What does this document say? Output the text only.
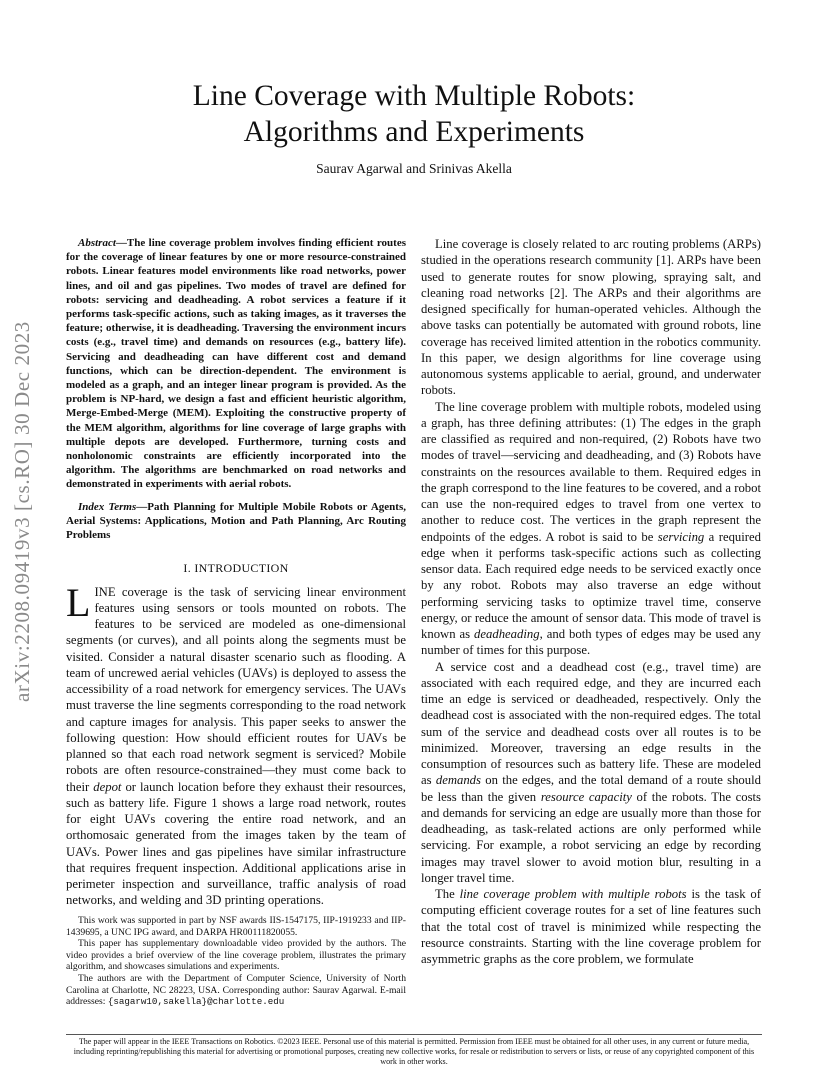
arXiv:2208.09419v3 [cs.RO] 30 Dec 2023
Line Coverage with Multiple Robots:
Algorithms and Experiments
Saurav Agarwal and Srinivas Akella

Abstract—The line coverage problem involves finding efficient routes for the coverage of linear features by one or more resource-constrained robots. Linear features model environments like road networks, power lines, and oil and gas pipelines. Two modes of travel are defined for robots: servicing and deadheading. A robot services a feature if it performs task-specific actions, such as taking images, as it traverses the feature; otherwise, it is deadheading. Traversing the environment incurs costs (e.g., travel time) and demands on resources (e.g., battery life). Servicing and deadheading can have different cost and demand functions, which can be direction-dependent. The environment is modeled as a graph, and an integer linear program is provided. As the problem is NP-hard, we design a fast and efficient heuristic algorithm, Merge-Embed-Merge (MEM). Exploiting the constructive property of the MEM algorithm, algorithms for line coverage of large graphs with multiple depots are developed. Furthermore, turning costs and nonholonomic constraints are efficiently incorporated into the algorithm. The algorithms are benchmarked on road networks and demonstrated in experiments with aerial robots.

Index Terms—Path Planning for Multiple Mobile Robots or Agents, Aerial Systems: Applications, Motion and Path Planning, Arc Routing Problems

I. INTRODUCTION

LINE coverage is the task of servicing linear environment features using sensors or tools mounted on robots. The features to be serviced are modeled as one-dimensional segments (or curves), and all points along the segments must be visited. Consider a natural disaster scenario such as flooding. A team of uncrewed aerial vehicles (UAVs) is deployed to assess the accessibility of a road network for emergency services. The UAVs must traverse the line segments corresponding to the road network and capture images for analysis. This paper seeks to answer the following question: How should efficient routes for UAVs be planned so that each road network segment is serviced? Mobile robots are often resource-constrained—they must come back to their depot or launch location before they exhaust their resources, such as battery life. Figure 1 shows a large road network, routes for eight UAVs covering the entire road network, and an orthomosaic generated from the images taken by the team of UAVs. Power lines and gas pipelines have similar infrastructure that requires frequent inspection. Additional applications arise in perimeter inspection and surveillance, traffic analysis of road networks, and welding and 3D printing operations.

Line coverage is closely related to arc routing problems (ARPs) studied in the operations research community [1]. ARPs have been used to generate routes for snow plowing, spraying salt, and cleaning road networks [2]. The ARPs and their algorithms are designed specifically for human-operated vehicles. Although the above tasks can potentially be automated with ground robots, line coverage has received limited attention in the robotics community. In this paper, we design algorithms for line coverage using autonomous systems applicable to aerial, ground, and underwater robots.

The line coverage problem with multiple robots, modeled using a graph, has three defining attributes: (1) The edges in the graph are classified as required and non-required, (2) Robots have two modes of travel—servicing and deadheading, and (3) Robots have constraints on the resources available to them. Required edges in the graph correspond to the line features to be covered, and a robot can use the non-required edges to travel from one vertex to another to reduce cost. The vertices in the graph represent the endpoints of the edges. A robot is said to be servicing a required edge when it performs task-specific actions such as collecting sensor data. Each required edge needs to be serviced exactly once by any robot. Robots may also traverse an edge without performing servicing tasks to optimize travel time, conserve energy, or reduce the amount of sensor data. This mode of travel is known as deadheading, and both types of edges may be used any number of times for this purpose.

A service cost and a deadhead cost (e.g., travel time) are associated with each required edge, and they are incurred each time an edge is serviced or deadheaded, respectively. Only the deadhead cost is associated with the non-required edges. The total sum of the service and deadhead costs over all routes is to be minimized. Moreover, traversing an edge results in the consumption of resources such as battery life. These are modeled as demands on the edges, and the total demand of a route should be less than the given resource capacity of the robots. The costs and demands for servicing an edge are usually more than those for deadheading, as task-related actions are only performed while servicing. For example, a robot servicing an edge by recording images may travel slower to avoid motion blur, resulting in a longer travel time.

The line coverage problem with multiple robots is the task of computing efficient coverage routes for a set of line features such that the total cost of travel is minimized while respecting the resource constraints. Starting with the line coverage problem for asymmetric graphs as the core problem, we formulate

This work was supported in part by NSF awards IIS-1547175, IIP-1919233 and IIP-1439695, a UNC IPG award, and DARPA HR00111820055.

This paper has supplementary downloadable video provided by the authors. The video provides a brief overview of the line coverage problem, illustrates the primary algorithm, and showcases simulations and experiments.

The authors are with the Department of Computer Science, University of North Carolina at Charlotte, NC 28223, USA. Corresponding author: Saurav Agarwal. E-mail addresses: {sagarw10,sakella}@charlotte.edu

The paper will appear in the IEEE Transactions on Robotics. ©2023 IEEE. Personal use of this material is permitted. Permission from IEEE must be obtained for all other uses, in any current or future media, including reprinting/republishing this material for advertising or promotional purposes, creating new collective works, for resale or redistribution to servers or lists, or reuse of any copyrighted component of this work in other works.
